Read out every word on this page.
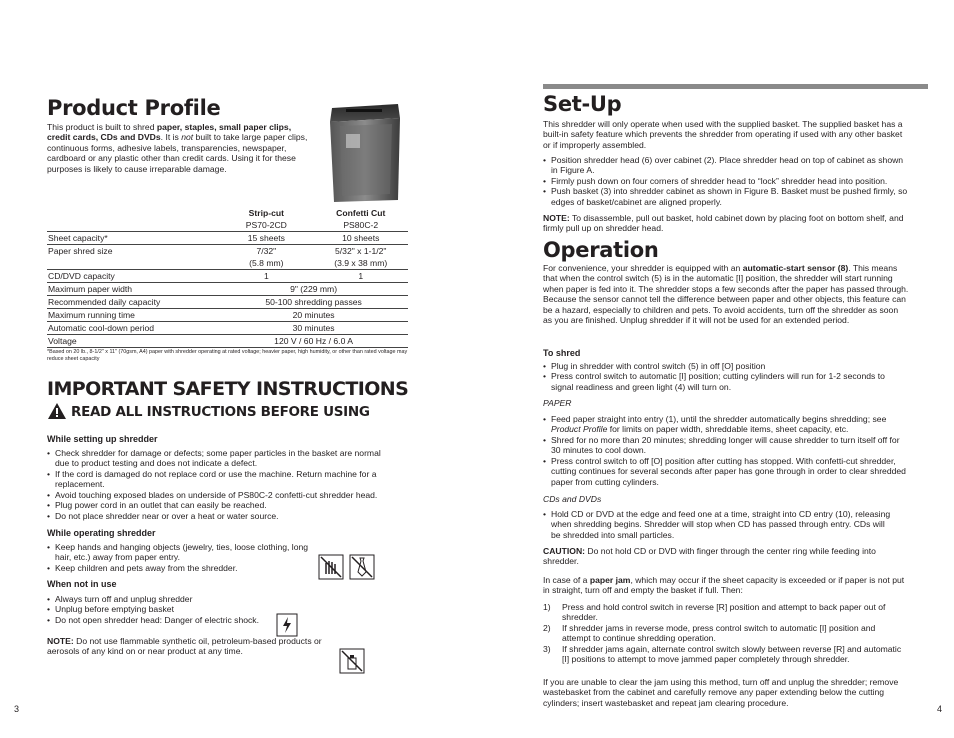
Product Profile

This product is built to shred paper, staples, small paper clips, credit cards, CDs and DVDs. It is not built to take large paper clips, continuous forms, adhesive labels, transparencies, newspaper, cardboard or any plastic other than credit cards. Using it for these purposes is likely to cause irreparable damage.

	Strip-cut	Confetti Cut
	PS70-2CD	PS80C-2
Sheet capacity*	15 sheets	10 sheets
Paper shred size	7/32"	5/32" x 1-1/2"
	(5.8 mm)	(3.9 x 38 mm)
CD/DVD capacity	1	1
Maximum paper width	9" (229 mm)	
Recommended daily capacity	50-100 shredding passes	
Maximum running time	20 minutes	
Automatic cool-down period	30 minutes	
Voltage	120 V / 60 Hz / 6.0 A	

*Based on 20 lb., 8-1/2" x 11" (70gsm, A4) paper with shredder operating at rated voltage; heavier paper, high humidity, or other than rated voltage may reduce sheet capacity

IMPORTANT SAFETY INSTRUCTIONS
READ ALL INSTRUCTIONS BEFORE USING
While setting up shredder
• Check shredder for damage or defects; some paper particles in the basket are normal due to product testing and does not indicate a defect.
• If the cord is damaged do not replace cord or use the machine. Return machine for a replacement.
• Avoid touching exposed blades on underside of PS80C-2 confetti-cut shredder head.
• Plug power cord in an outlet that can easily be reached.
• Do not place shredder near or over a heat or water source.
While operating shredder
• Keep hands and hanging objects (jewelry, ties, loose clothing, long hair, etc.) away from paper entry.
• Keep children and pets away from the shredder.
When not in use
• Always turn off and unplug shredder
• Unplug before emptying basket
• Do not open shredder head: Danger of electric shock.

NOTE: Do not use flammable synthetic oil, petroleum-based products or aerosols of any kind on or near product at any time.

3
Set-Up

This shredder will only operate when used with the supplied basket. The supplied basket has a built-in safety feature which prevents the shredder from operating if used with any other basket or if improperly assembled.

• Position shredder head (6) over cabinet (2). Place shredder head on top of cabinet as shown in Figure A.
• Firmly push down on four corners of shredder head to “lock” shredder head into position.
• Push basket (3) into shredder cabinet as shown in Figure B. Basket must be pushed firmly, so edges of basket/cabinet are aligned properly.

NOTE: To disassemble, pull out basket, hold cabinet down by placing foot on bottom shelf, and firmly pull up on shredder head.

Operation

For convenience, your shredder is equipped with an automatic-start sensor (8). This means that when the control switch (5) is in the automatic [I] position, the shredder will start running when paper is fed into it. The shredder stops a few seconds after the paper has passed through. Because the sensor cannot tell the difference between paper and other objects, this feature can be a hazard, especially to children and pets. To avoid accidents, turn off the shredder as soon as you are finished. Unplug shredder if it will not be used for an extended period.

To shred
• Plug in shredder with control switch (5) in off [O] position
• Press control switch to automatic [I] position; cutting cylinders will run for 1-2 seconds to signal readiness and green light (4) will turn on.
PAPER
• Feed paper straight into entry (1), until the shredder automatically begins shredding; see Product Profile for limits on paper width, shreddable items, sheet capacity, etc.
• Shred for no more than 20 minutes; shredding longer will cause shredder to turn itself off for 30 minutes to cool down.
• Press control switch to off [O] position after cutting has stopped. With confetti-cut shredder, cutting continues for several seconds after paper has gone through in order to clear shredded paper from cutting cylinders.
CDs and DVDs
• Hold CD or DVD at the edge and feed one at a time, straight into CD entry (10), releasing when shredding begins. Shredder will stop when CD has passed through entry. CDs will be shredded into small particles.

CAUTION: Do not hold CD or DVD with finger through the center ring while feeding into shredder.

In case of a paper jam, which may occur if the sheet capacity is exceeded or if paper is not put in straight, turn off and empty the basket if full. Then:

1) Press and hold control switch in reverse [R] position and attempt to back paper out of shredder.
2) If shredder jams in reverse mode, press control switch to automatic [I] position and attempt to continue shredding operation.
3) If shredder jams again, alternate control switch slowly between reverse [R] and automatic [I] positions to attempt to move jammed paper completely through shredder.

If you are unable to clear the jam using this method, turn off and unplug the shredder; remove wastebasket from the cabinet and carefully remove any paper extending below the cutting cylinders; insert wastebasket and repeat jam clearing procedure.

4
